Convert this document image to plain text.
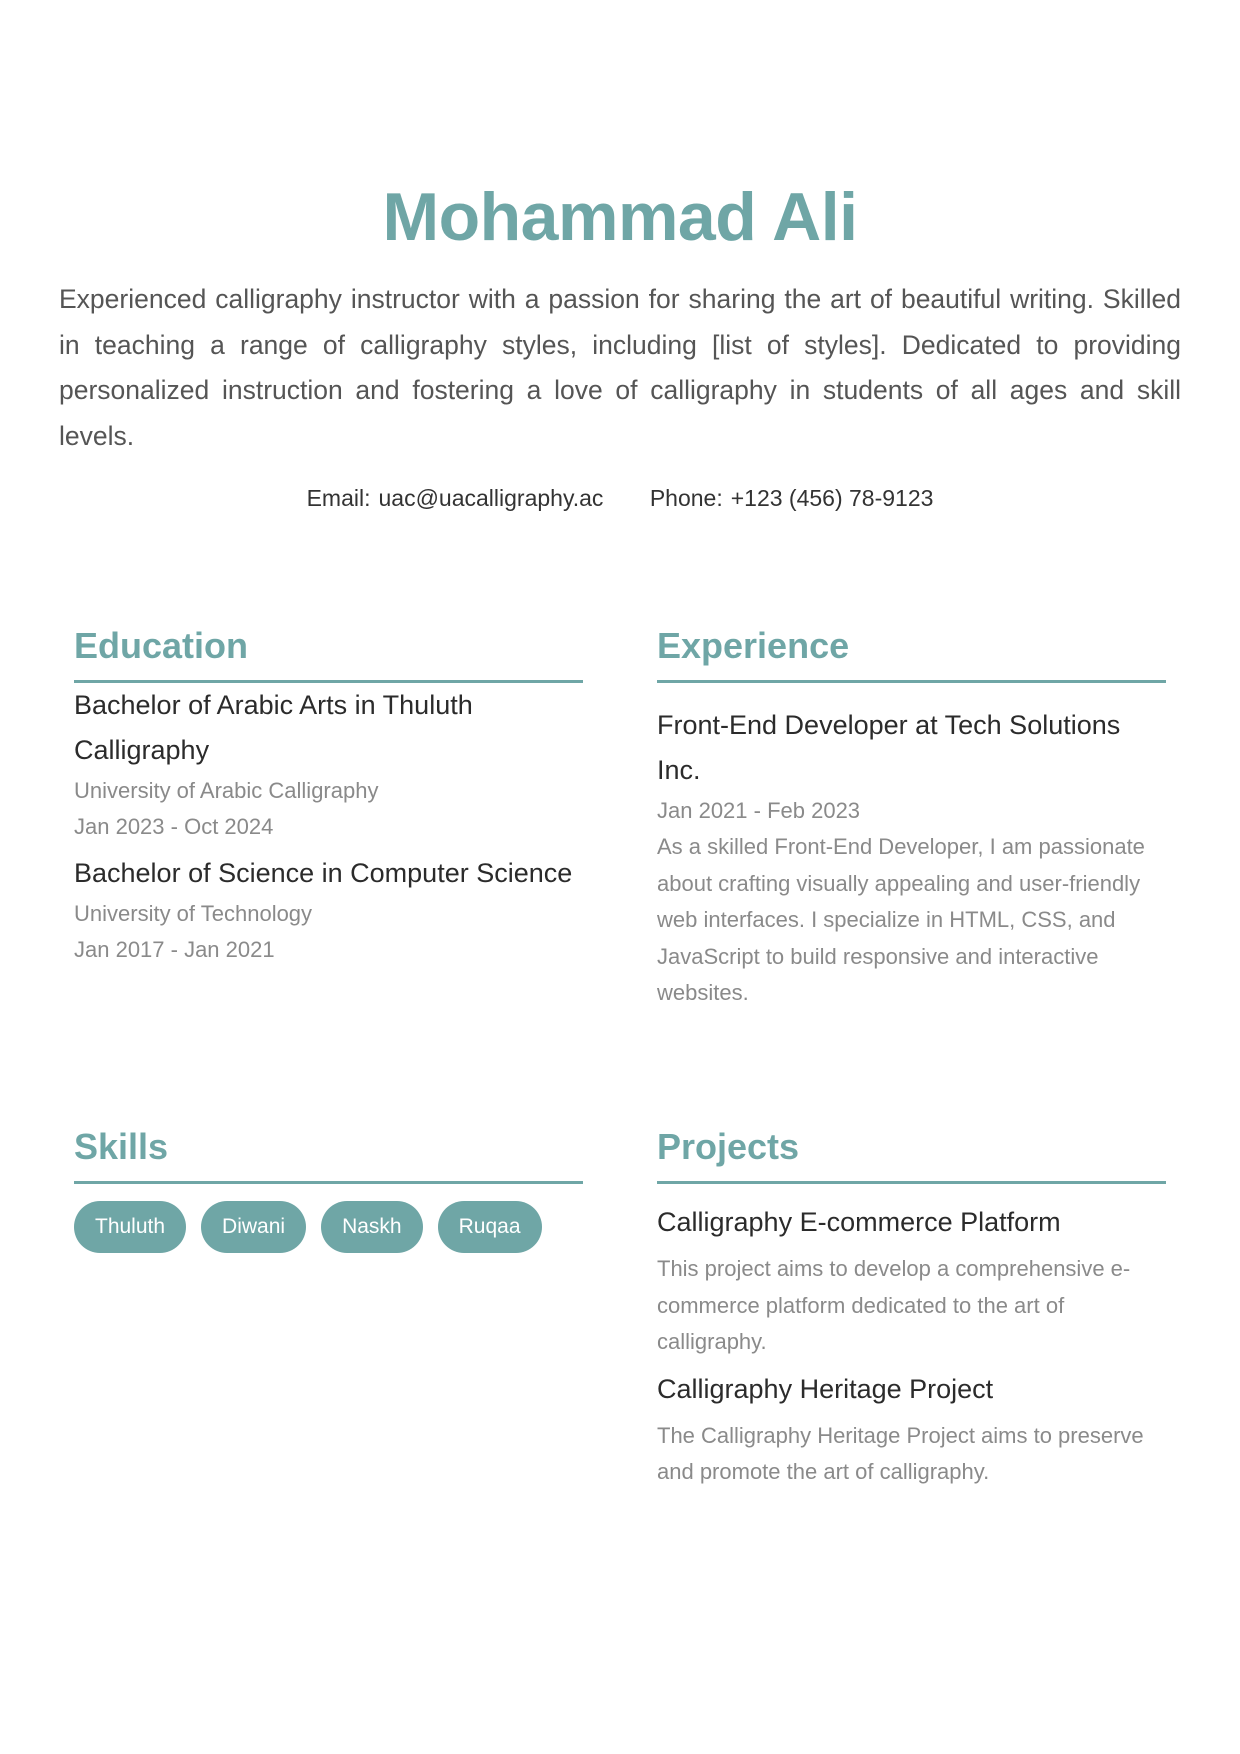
Mohammad Ali

Experienced calligraphy instructor with a passion for sharing the art of beautiful writing. Skilled in teaching a range of calligraphy styles, including [list of styles]. Dedicated to providing personalized instruction and fostering a love of calligraphy in students of all ages and skill levels.

Email: uac@uacalligraphy.ac Phone: +123 (456) 78-9123
Education

Bachelor of Arabic Arts in Thuluth Calligraphy

University of Arabic Calligraphy

Jan 2023 - Oct 2024

Bachelor of Science in Computer Science

University of Technology

Jan 2017 - Jan 2021

Experience

Front-End Developer at Tech Solutions Inc.

Jan 2021 - Feb 2023

As a skilled Front-End Developer, I am passionate about crafting visually appealing and user-friendly web interfaces. I specialize in HTML, CSS, and JavaScript to build responsive and interactive websites.

Skills
Thuluth	Diwani	Naskh	Ruqaa
Projects

Calligraphy E-commerce Platform

This project aims to develop a comprehensive e-commerce platform dedicated to the art of calligraphy.

Calligraphy Heritage Project

The Calligraphy Heritage Project aims to preserve and promote the art of calligraphy.
